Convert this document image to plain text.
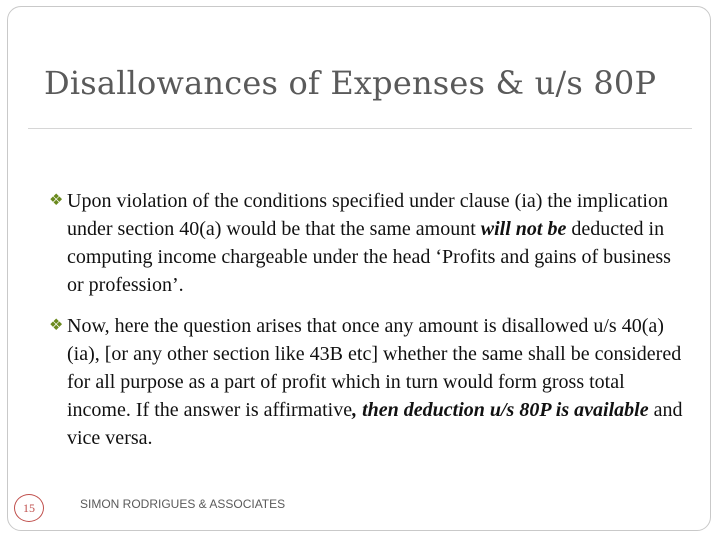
Disallowances of Expenses & u/s 80P
❖ Upon violation of the conditions specified under clause (ia) the implication under section 40(a) would be that the same amount will not be deducted in computing income chargeable under the head ‘Profits and gains of business or profession’.
❖ Now, here the question arises that once any amount is disallowed u/s 40(a)(ia), [or any other section like 43B etc] whether the same shall be considered for all purpose as a part of profit which in turn would form gross total income. If the answer is affirmative, then deduction u/s 80P is available and vice versa.
15	SIMON RODRIGUES & ASSOCIATES
